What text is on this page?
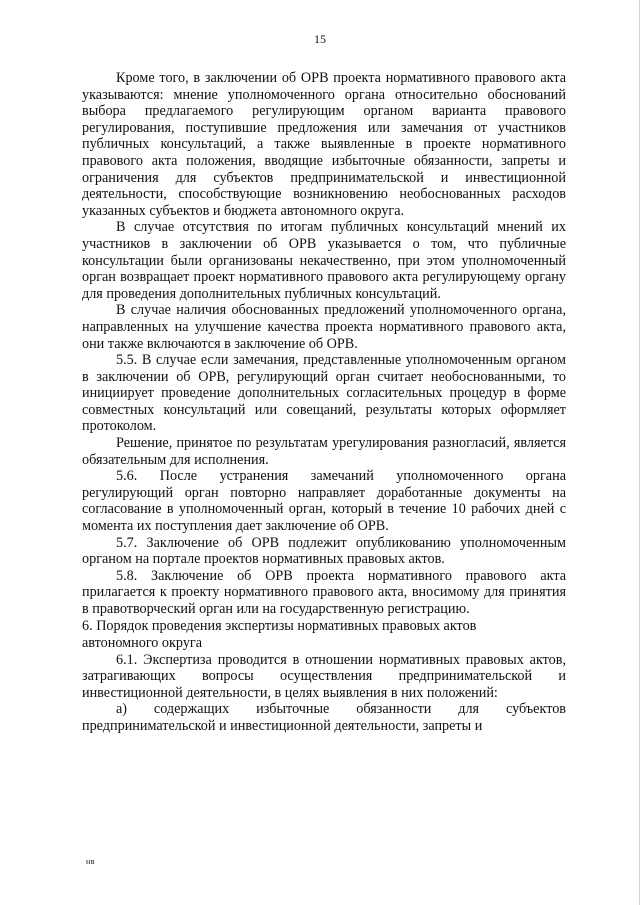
15

Кроме того, в заключении об ОРВ проекта нормативного правового акта указываются: мнение уполномоченного органа относительно обоснований выбора предлагаемого регулирующим органом варианта правового регулирования, поступившие предложения или замечания от участников публичных консультаций, а также выявленные в проекте нормативного правового акта положения, вводящие избыточные обязанности, запреты и ограничения для субъектов предпринимательской и инвестиционной деятельности, способствующие возникновению необоснованных расходов указанных субъектов и бюджета автономного округа.

В случае отсутствия по итогам публичных консультаций мнений их участников в заключении об ОРВ указывается о том, что публичные консультации были организованы некачественно, при этом уполномоченный орган возвращает проект нормативного правового акта регулирующему органу для проведения дополнительных публичных консультаций.

В случае наличия обоснованных предложений уполномоченного органа, направленных на улучшение качества проекта нормативного правового акта, они также включаются в заключение об ОРВ.

5.5. В случае если замечания, представленные уполномоченным органом в заключении об ОРВ, регулирующий орган считает необоснованными, то инициирует проведение дополнительных согласительных процедур в форме совместных консультаций или совещаний, результаты которых оформляет протоколом.

Решение, принятое по результатам урегулирования разногласий, является обязательным для исполнения.

5.6. После устранения замечаний уполномоченного органа регулирующий орган повторно направляет доработанные документы на согласование в уполномоченный орган, который в течение 10 рабочих дней с момента их поступления дает заключение об ОРВ.

5.7. Заключение об ОРВ подлежит опубликованию уполномоченным органом на портале проектов нормативных правовых актов.

5.8. Заключение об ОРВ проекта нормативного правового акта прилагается к проекту нормативного правового акта, вносимому для принятия в правотворческий орган или на государственную регистрацию.

6. Порядок проведения экспертизы нормативных правовых актов
автономного округа

6.1. Экспертиза проводится в отношении нормативных правовых актов, затрагивающих вопросы осуществления предпринимательской и инвестиционной деятельности, в целях выявления в них положений:

а) содержащих избыточные обязанности для субъектов предпринимательской и инвестиционной деятельности, запреты и

нв
